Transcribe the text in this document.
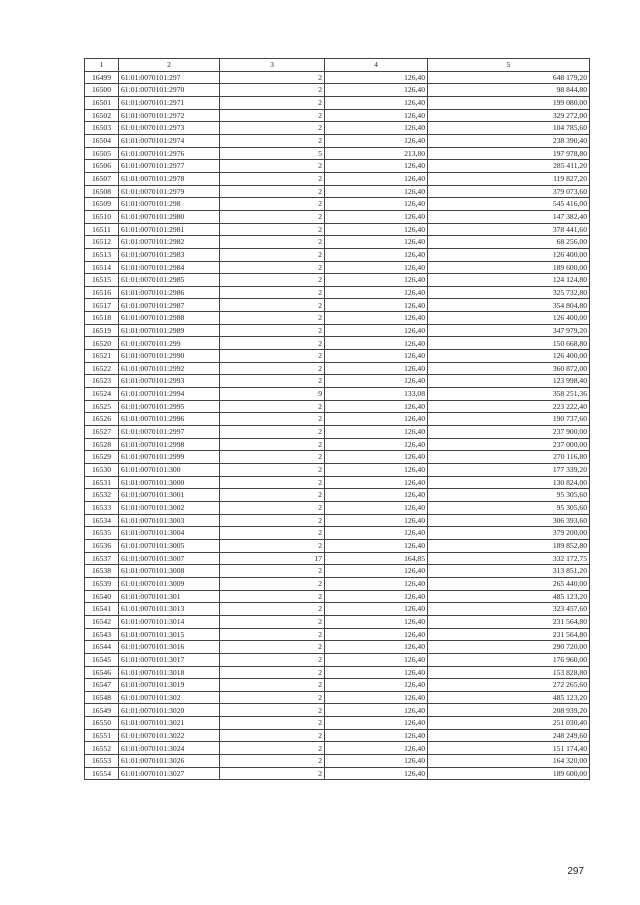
1	2	3	4	5
16499	61:01:0070101:297	2	126,40	648 179,20
16500	61:01:0070101:2970	2	126,40	98 844,80
16501	61:01:0070101:2971	2	126,40	199 080,00
16502	61:01:0070101:2972	2	126,40	329 272,00
16503	61:01:0070101:2973	2	126,40	104 785,60
16504	61:01:0070101:2974	2	126,40	238 390,40
16505	61:01:0070101:2976	5	213,80	197 978,80
16506	61:01:0070101:2977	2	126,40	285 411,20
16507	61:01:0070101:2978	2	126,40	119 827,20
16508	61:01:0070101:2979	2	126,40	379 073,60
16509	61:01:0070101:298	2	126,40	545 416,00
16510	61:01:0070101:2980	2	126,40	147 382,40
16511	61:01:0070101:2981	2	126,40	378 441,60
16512	61:01:0070101:2982	2	126,40	68 256,00
16513	61:01:0070101:2983	2	126,40	126 400,00
16514	61:01:0070101:2984	2	126,40	189 600,00
16515	61:01:0070101:2985	2	126,40	124 124,80
16516	61:01:0070101:2986	2	126,40	325 732,80
16517	61:01:0070101:2987	2	126,40	354 804,80
16518	61:01:0070101:2988	2	126,40	126 400,00
16519	61:01:0070101:2989	2	126,40	347 979,20
16520	61:01:0070101:299	2	126,40	150 668,80
16521	61:01:0070101:2990	2	126,40	126 400,00
16522	61:01:0070101:2992	2	126,40	360 872,00
16523	61:01:0070101:2993	2	126,40	123 998,40
16524	61:01:0070101:2994	9	133,08	358 251,36
16525	61:01:0070101:2995	2	126,40	223 222,40
16526	61:01:0070101:2996	2	126,40	190 737,60
16527	61:01:0070101:2997	2	126,40	237 900,00
16528	61:01:0070101:2998	2	126,40	237 000,00
16529	61:01:0070101:2999	2	126,40	270 116,80
16530	61:01:0070101:300	2	126,40	177 339,20
16531	61:01:0070101:3000	2	126,40	130 824,00
16532	61:01:0070101:3001	2	126,40	95 305,60
16533	61:01:0070101:3002	2	126,40	95 305,60
16534	61:01:0070101:3003	2	126,40	306 393,60
16535	61:01:0070101:3004	2	126,40	379 200,00
16536	61:01:0070101:3005	2	126,40	189 852,80
16537	61:01:0070101:3007	17	164,85	332 172,75
16538	61:01:0070101:3008	2	126,40	313 851,20
16539	61:01:0070101:3009	2	126,40	265 440,00
16540	61:01:0070101:301	2	126,40	485 123,20
16541	61:01:0070101:3013	2	126,40	323 457,60
16542	61:01:0070101:3014	2	126,40	231 564,80
16543	61:01:0070101:3015	2	126,40	231 564,80
16544	61:01:0070101:3016	2	126,40	290 720,00
16545	61:01:0070101:3017	2	126,40	176 960,00
16546	61:01:0070101:3018	2	126,40	153 828,80
16547	61:01:0070101:3019	2	126,40	272 265,60
16548	61:01:0070101:302	2	126,40	485 123,20
16549	61:01:0070101:3020	2	126,40	208 939,20
16550	61:01:0070101:3021	2	126,40	251 030,40
16551	61:01:0070101:3022	2	126,40	248 249,60
16552	61:01:0070101:3024	2	126,40	151 174,40
16553	61:01:0070101:3026	2	126,40	164 320,00
16554	61:01:0070101:3027	2	126,40	189 600,00
297
